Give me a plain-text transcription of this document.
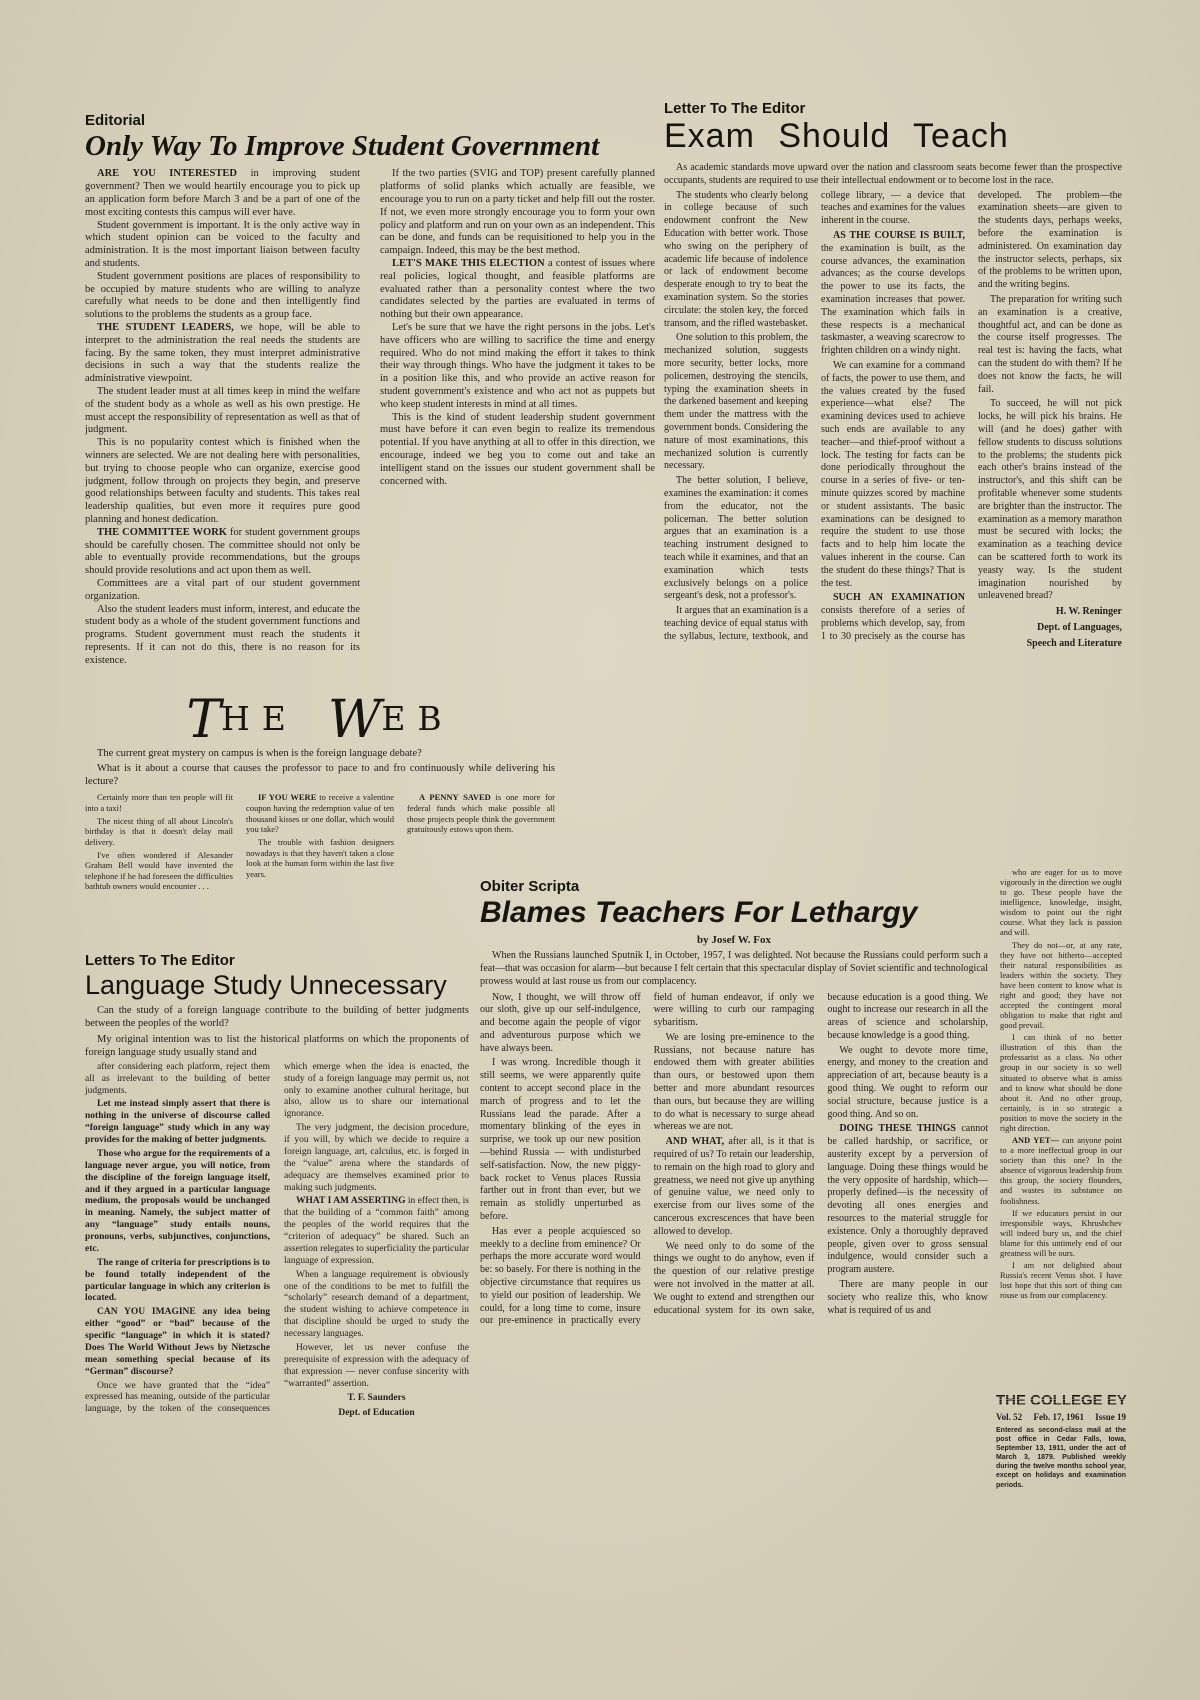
Editorial
Only Way To Improve Student Government

ARE YOU INTERESTED in improving student government? Then we would heartily encourage you to pick up an application form before March 3 and be a part of one of the most exciting contests this campus will ever have.

Student government is important. It is the only active way in which student opinion can be voiced to the faculty and administration. It is the most important liaison between faculty and students.

Student government positions are places of responsibility to be occupied by mature students who are willing to analyze carefully what needs to be done and then intelligently find solutions to the problems the students as a group face.

THE STUDENT LEADERS, we hope, will be able to interpret to the administration the real needs the students are facing. By the same token, they must interpret administrative decisions in such a way that the students realize the administrative viewpoint.

The student leader must at all times keep in mind the welfare of the student body as a whole as well as his own prestige. He must accept the responsibility of representation as well as that of judgment.

This is no popularity contest which is finished when the winners are selected. We are not dealing here with personalities, but trying to choose people who can organize, exercise good judgment, follow through on projects they begin, and preserve good relationships between faculty and students. This takes real leadership qualities, but even more it requires pure good planning and honest dedication.

THE COMMITTEE WORK for student government groups should be carefully chosen. The committee should not only be able to eventually provide recommendations, but the groups should provide resolutions and act upon them as well.

Committees are a vital part of our student government organization.

Also the student leaders must inform, interest, and educate the student body as a whole of the student government functions and programs. Student government must reach the students it represents. If it can not do this, there is no reason for its existence.

If the two parties (SVIG and TOP) present carefully planned platforms of solid planks which actually are feasible, we encourage you to run on a party ticket and help fill out the roster. If not, we even more strongly encourage you to form your own policy and platform and run on your own as an independent. This can be done, and funds can be requisitioned to help you in the campaign. Indeed, this may be the best method.

LET'S MAKE THIS ELECTION a contest of issues where real policies, logical thought, and feasible platforms are evaluated rather than a personality contest where the two candidates selected by the parties are evaluated in terms of nothing but their own appearance.

Let's be sure that we have the right persons in the jobs. Let's have officers who are willing to sacrifice the time and energy required. Who do not mind making the effort it takes to think their way through things. Who have the judgment it takes to be in a position like this, and who provide an active reason for student government's existence and who act not as puppets but who keep student interests in mind at all times.

This is the kind of student leadership student government must have before it can even begin to realize its tremendous potential. If you have anything at all to offer in this direction, we encourage, indeed we beg you to come out and take an intelligent stand on the issues our student government shall be concerned with.

Letter To The Editor
Exam Should Teach

As academic standards move upward over the nation and classroom seats become fewer than the prospective occupants, students are required to use their intellectual endowment or to become lost in the race.

The students who clearly belong in college because of such endowment confront the New Education with better work. Those who swing on the periphery of academic life because of indolence or lack of endowment become desperate enough to try to beat the examination system. So the stories circulate: the stolen key, the forced transom, and the rifled wastebasket.

One solution to this problem, the mechanized solution, suggests more security, better locks, more policemen, destroying the stencils, typing the examination sheets in the darkened basement and keeping them under the mattress with the government bonds. Considering the nature of most examinations, this mechanized solution is currently necessary.

The better solution, I believe, examines the examination: it comes from the educator, not the policeman. The better solution argues that an examination is a teaching instrument designed to teach while it examines, and that an examination which tests exclusively belongs on a police sergeant's desk, not a professor's.

It argues that an examination is a teaching device of equal status with the syllabus, lecture, textbook, and college library, — a device that teaches and examines for the values inherent in the course.

AS THE COURSE IS BUILT, the examination is built, as the course advances, the examination advances; as the course develops the power to use its facts, the examination increases that power. The examination which fails in these respects is a mechanical taskmaster, a weaving scarecrow to frighten children on a windy night.

We can examine for a command of facts, the power to use them, and the values created by the fused experience—what else? The examining devices used to achieve such ends are available to any teacher—and thief-proof without a lock. The testing for facts can be done periodically throughout the course in a series of five- or ten-minute quizzes scored by machine or student assistants. The basic examinations can be designed to require the student to use those facts and to help him locate the values inherent in the course. Can the student do these things? That is the test.

SUCH AN EXAMINATION consists therefore of a series of problems which develop, say, from 1 to 30 precisely as the course has developed. The problem—the examination sheets—are given to the students days, perhaps weeks, before the examination is administered. On examination day the instructor selects, perhaps, six of the problems to be written upon, and the writing begins.

The preparation for writing such an examination is a creative, thoughtful act, and can be done as the course itself progresses. The real test is: having the facts, what can the student do with them? If he does not know the facts, he will fail.

To succeed, he will not pick locks, he will pick his brains. He will (and he does) gather with fellow students to discuss solutions to the problems; the students pick each other's brains instead of the instructor's, and this shift can be profitable whenever some students are brighter than the instructor. The examination as a memory marathon must be secured with locks; the examination as a teaching device can be scattered forth to work its yeasty way. Is the student imagination nourished by unleavened bread?

H. W. Reninger

Dept. of Languages,

Speech and Literature

THE WEB

The current great mystery on campus is when is the foreign language debate?

What is it about a course that causes the professor to pace to and fro continuously while delivering his lecture?

Certainly more than ten people will fit into a taxi!

The nicest thing of all about Lincoln's birthday is that it doesn't delay mail delivery.

I've often wondered if Alexander Graham Bell would have invented the telephone if he had foreseen the difficulties bathtub owners would encounter . . .

IF YOU WERE to receive a valentine coupon having the redemption value of ten thousand kisses or one dollar, which would you take?

The trouble with fashion designers nowadays is that they haven't taken a close look at the human form within the last five years.

A PENNY SAVED is one more for federal funds which make possible all those projects people think the government gratuitously estows upon them.

Obiter Scripta
Blames Teachers For Lethargy
by Josef W. Fox

When the Russians launched Sputnik I, in October, 1957, I was delighted. Not because the Russians could perform such a feat—that was occasion for alarm—but because I felt certain that this spectacular display of Soviet scientific and technological prowess would at last rouse us from our complacency.

Now, I thought, we will throw off our sloth, give up our self-indulgence, and become again the people of vigor and adventurous purpose which we have always been.

I was wrong. Incredible though it still seems, we were apparently quite content to accept second place in the march of progress and to let the Russians lead the parade. After a momentary blinking of the eyes in surprise, we took up our new position—behind Russia — with undisturbed self-satisfaction. Now, the new piggy-back rocket to Venus places Russia farther out in front than ever, but we remain as stolidly unperturbed as before.

Has ever a people acquiesced so meekly to a decline from eminence? Or perhaps the more accurate word would be: so basely. For there is nothing in the objective circumstance that requires us to yield our position of leadership. We could, for a long time to come, insure our pre-eminence in practically every field of human endeavor, if only we were willing to curb our rampaging sybaritism.

We are losing pre-eminence to the Russians, not because nature has endowed them with greater abilities than ours, or bestowed upon them better and more abundant resources than ours, but because they are willing to do what is necessary to surge ahead whereas we are not.

AND WHAT, after all, is it that is required of us? To retain our leadership, to remain on the high road to glory and greatness, we need not give up anything of genuine value, we need only to exercise from our lives some of the cancerous excrescences that have been allowed to develop.

We need only to do some of the things we ought to do anyhow, even if the question of our relative prestige were not involved in the matter at all. We ought to extend and strengthen our educational system for its own sake, because education is a good thing. We ought to increase our research in all the areas of science and scholarship, because knowledge is a good thing.

We ought to devote more time, energy, and money to the creation and appreciation of art, because beauty is a good thing. We ought to reform our social structure, because justice is a good thing. And so on.

DOING THESE THINGS cannot be called hardship, or sacrifice, or austerity except by a perversion of language. Doing these things would be the very opposite of hardship, which—properly defined—is the necessity of devoting all ones energies and resources to the material struggle for existence. Only a thoroughly depraved people, given over to gross sensual indulgence, would consider such a program austere.

There are many people in our society who realize this, who know what is required of us and

who are eager for us to move vigorously in the direction we ought to go. These people have the intelligence, knowledge, insight, wisdom to point out the right course. What they lack is passion and will.

They do not—or, at any rate, they have not hitherto—accepted their natural responsibilities as leaders within the society. They have been content to know what is right and good; they have not accepted the contingent moral obligation to make that right and good prevail.

I can think of no better illustration of this than the professarist as a class. No other group in our society is so well situated to observe what is amiss and to know what should be done about it. And no other group, certainly, is in so strategic a position to move the society in the right direction.

AND YET— can anyone point to a more ineffectual group in our society than this one? In the absence of vigorous leadership from this group, the society flounders, and wastes its substance on foolishness.

If we educators persist in our irresponsible ways, Khrushchev will indeed bury us, and the chief blame for this untimely end of our greatness will be ours.

I am not delighted about Russia's recent Venus shot. I have lost hope that this sort of thing can rouse us from our complacency.

Letters To The Editor
Language Study Unnecessary

Can the study of a foreign language contribute to the building of better judgments between the peoples of the world?

My original intention was to list the historical platforms on which the proponents of foreign language study usually stand and

after considering each platform, reject them all as irrelevant to the building of better judgments.

Let me instead simply assert that there is nothing in the universe of discourse called “foreign language” study which in any way provides for the making of better judgments.

Those who argue for the requirements of a language never argue, you will notice, from the discipline of the foreign language itself, and if they argued in a particular language medium, the proposals would be unchanged in meaning. Namely, the subject matter of any “language” study entails nouns, pronouns, verbs, subjunctives, conjunctions, etc.

The range of criteria for prescriptions is to be found totally independent of the particular language in which any criterion is located.

CAN YOU IMAGINE any idea being either “good” or “bad” because of the specific “language” in which it is stated? Does The World Without Jews by Nietzsche mean something special because of its “German” discourse?

Once we have granted that the “idea” expressed has meaning, outside of the particular language, by the token of the consequences which emerge when the idea is enacted, the study of a foreign language may permit us, not only to examine another cultural heritage, but also, allow us to share our international ignorance.

The very judgment, the decision procedure, if you will, by which we decide to require a foreign language, art, calculus, etc. is forged in the “value” arena where the standards of adequacy are themselves examined prior to making such judgments.

WHAT I AM ASSERTING in effect then, is that the building of a “common faith” among the peoples of the world requires that the “criterion of adequacy” be shared. Such an assertion relegates to superficiality the particular language of expression.

When a language requirement is obviously one of the conditions to be met to fulfill the “scholarly” research demand of a department, the student wishing to achieve competence in that discipline should be urged to study the necessary languages.

However, let us never confuse the prerequisite of expression with the adequacy of that expression — never confuse sincerity with “warranted” assertion.

T. F. Saunders

Dept. of Education

THE COLLEGE EYE
Vol. 52 Feb. 17, 1961 Issue 19
Entered as second-class mail at the post office in Cedar Falls, Iowa, September 13, 1911, under the act of March 3, 1879. Published weekly during the twelve months school year, except on holidays and examination periods.
